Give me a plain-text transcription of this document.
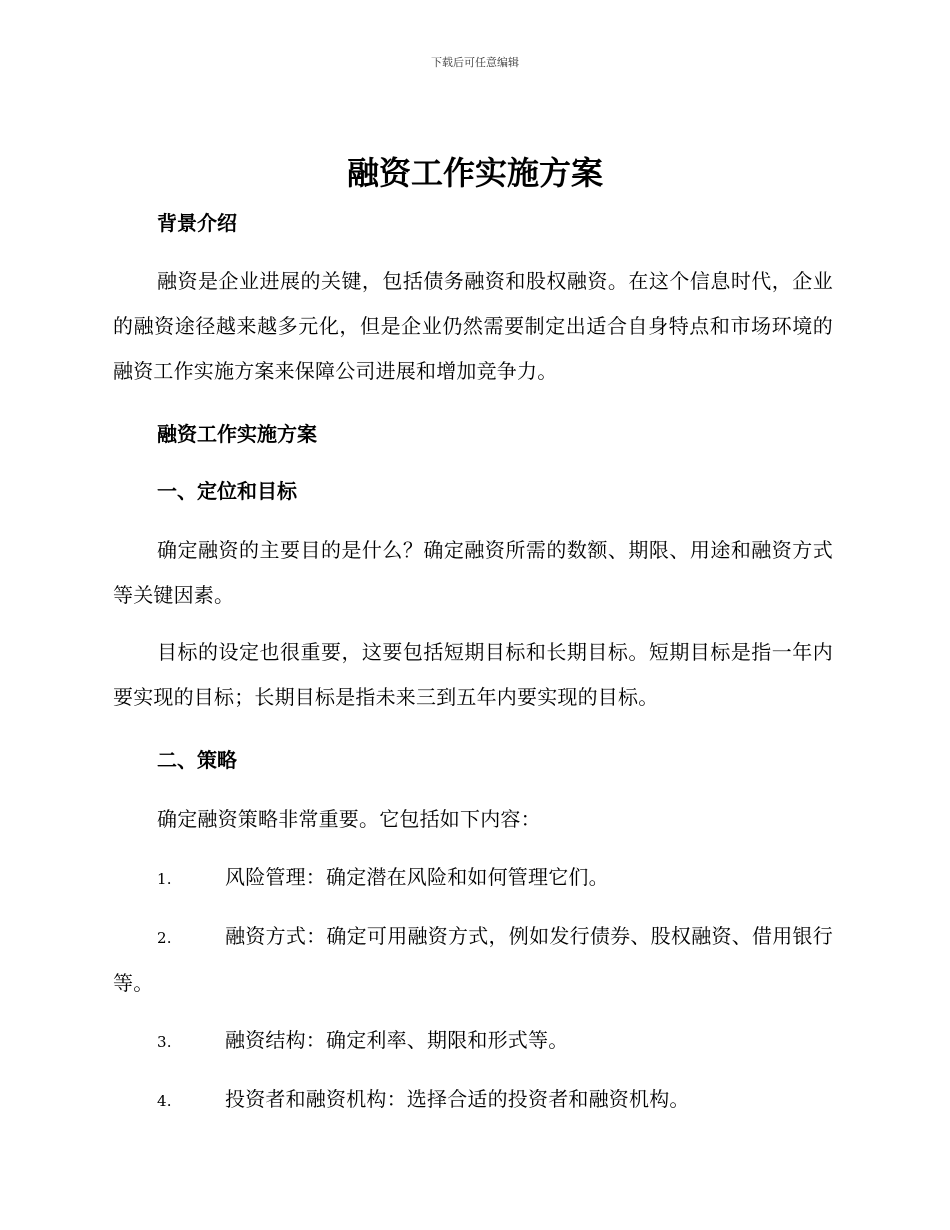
下载后可任意编辑
融资工作实施方案
背景介绍
融资是企业进展的关键，包括债务融资和股权融资。在这个信息时代，企业的融资途径越来越多元化，但是企业仍然需要制定出适合自身特点和市场环境的融资工作实施方案来保障公司进展和增加竞争力。
融资工作实施方案
一、定位和目标
确定融资的主要目的是什么？确定融资所需的数额、期限、用途和融资方式等关键因素。
目标的设定也很重要，这要包括短期目标和长期目标。短期目标是指一年内要实现的目标；长期目标是指未来三到五年内要实现的目标。
二、策略
确定融资策略非常重要。它包括如下内容：
1.	风险管理：确定潜在风险和如何管理它们。
2.	融资方式：确定可用融资方式，例如发行债券、股权融资、借用银行等。
3.	融资结构：确定利率、期限和形式等。
4.	投资者和融资机构：选择合适的投资者和融资机构。
